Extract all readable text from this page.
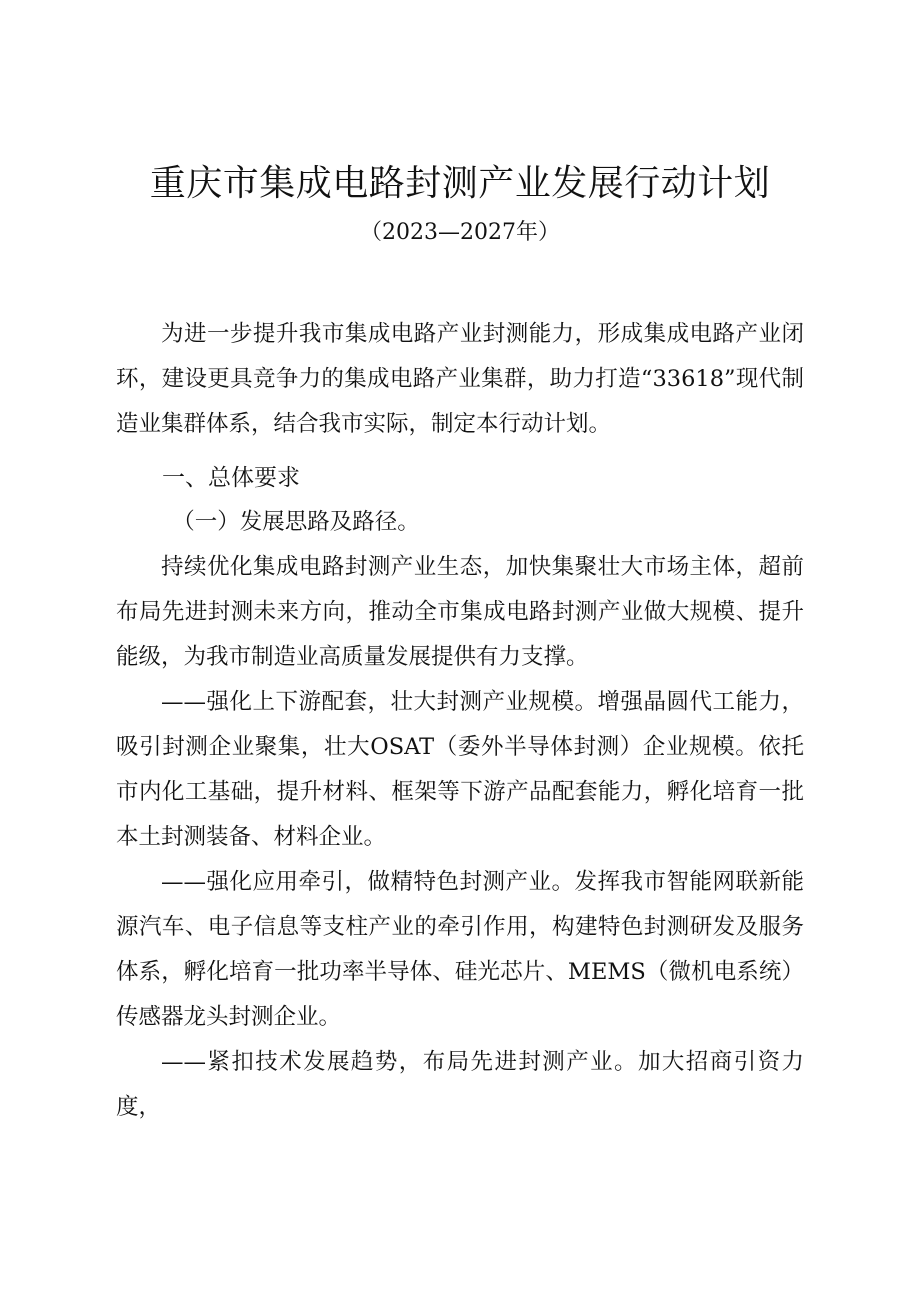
重庆市集成电路封测产业发展行动计划
（2023—2027年）

为进一步提升我市集成电路产业封测能力，形成集成电路产业闭环，建设更具竞争力的集成电路产业集群，助力打造“33618”现代制造业集群体系，结合我市实际，制定本行动计划。

一、总体要求

（一）发展思路及路径。

持续优化集成电路封测产业生态，加快集聚壮大市场主体，超前布局先进封测未来方向，推动全市集成电路封测产业做大规模、提升能级，为我市制造业高质量发展提供有力支撑。

——强化上下游配套，壮大封测产业规模。增强晶圆代工能力，吸引封测企业聚集，壮大OSAT（委外半导体封测）企业规模。依托市内化工基础，提升材料、框架等下游产品配套能力，孵化培育一批本土封测装备、材料企业。

——强化应用牵引，做精特色封测产业。发挥我市智能网联新能源汽车、电子信息等支柱产业的牵引作用，构建特色封测研发及服务体系，孵化培育一批功率半导体、硅光芯片、MEMS（微机电系统）传感器龙头封测企业。

——紧扣技术发展趋势，布局先进封测产业。加大招商引资力度，
